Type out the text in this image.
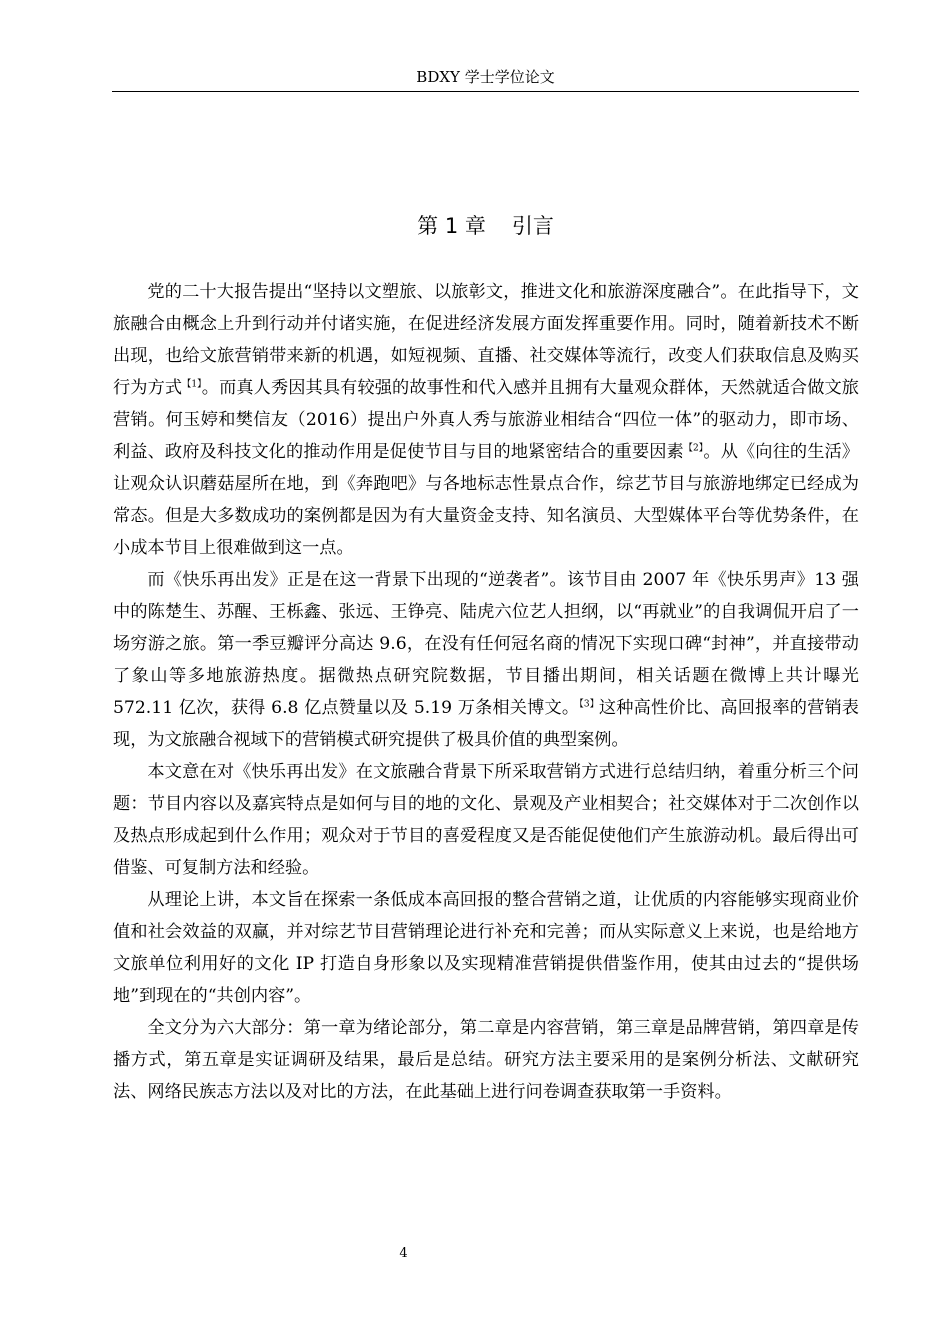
BDXY 学士学位论文
第 1 章 引言

党的二十大报告提出“坚持以文塑旅、以旅彰文，推进文化和旅游深度融合”。在此指导下，文旅融合由概念上升到行动并付诸实施，在促进经济发展方面发挥重要作用。同时，随着新技术不断出现，也给文旅营销带来新的机遇，如短视频、直播、社交媒体等流行，改变人们获取信息及购买行为方式$^{【1】}$。而真人秀因其具有较强的故事性和代入感并且拥有大量观众群体，天然就适合做文旅营销。何玉婷和樊信友（2016）提出户外真人秀与旅游业相结合“四位一体”的驱动力，即市场、利益、政府及科技文化的推动作用是促使节目与目的地紧密结合的重要因素$^{【2】}$。从《向往的生活》让观众认识蘑菇屋所在地，到《奔跑吧》与各地标志性景点合作，综艺节目与旅游地绑定已经成为常态。但是大多数成功的案例都是因为有大量资金支持、知名演员、大型媒体平台等优势条件，在小成本节目上很难做到这一点。

而《快乐再出发》正是在这一背景下出现的“逆袭者”。该节目由 2007 年《快乐男声》13 强中的陈楚生、苏醒、王栎鑫、张远、王铮亮、陆虎六位艺人担纲，以“再就业”的自我调侃开启了一场穷游之旅。第一季豆瓣评分高达 9.6，在没有任何冠名商的情况下实现口碑“封神”，并直接带动了象山等多地旅游热度。据微热点研究院数据，节目播出期间，相关话题在微博上共计曝光 572.11 亿次，获得 6.8 亿点赞量以及 5.19 万条相关博文。$^{【3】}$这种高性价比、高回报率的营销表现，为文旅融合视域下的营销模式研究提供了极具价值的典型案例。

本文意在对《快乐再出发》在文旅融合背景下所采取营销方式进行总结归纳，着重分析三个问题：节目内容以及嘉宾特点是如何与目的地的文化、景观及产业相契合；社交媒体对于二次创作以及热点形成起到什么作用；观众对于节目的喜爱程度又是否能促使他们产生旅游动机。最后得出可借鉴、可复制方法和经验。

从理论上讲，本文旨在探索一条低成本高回报的整合营销之道，让优质的内容能够实现商业价值和社会效益的双赢，并对综艺节目营销理论进行补充和完善；而从实际意义上来说，也是给地方文旅单位利用好的文化 IP 打造自身形象以及实现精准营销提供借鉴作用，使其由过去的“提供场地”到现在的“共创内容”。

全文分为六大部分：第一章为绪论部分，第二章是内容营销，第三章是品牌营销，第四章是传播方式，第五章是实证调研及结果，最后是总结。研究方法主要采用的是案例分析法、文献研究法、网络民族志方法以及对比的方法，在此基础上进行问卷调查获取第一手资料。

4
